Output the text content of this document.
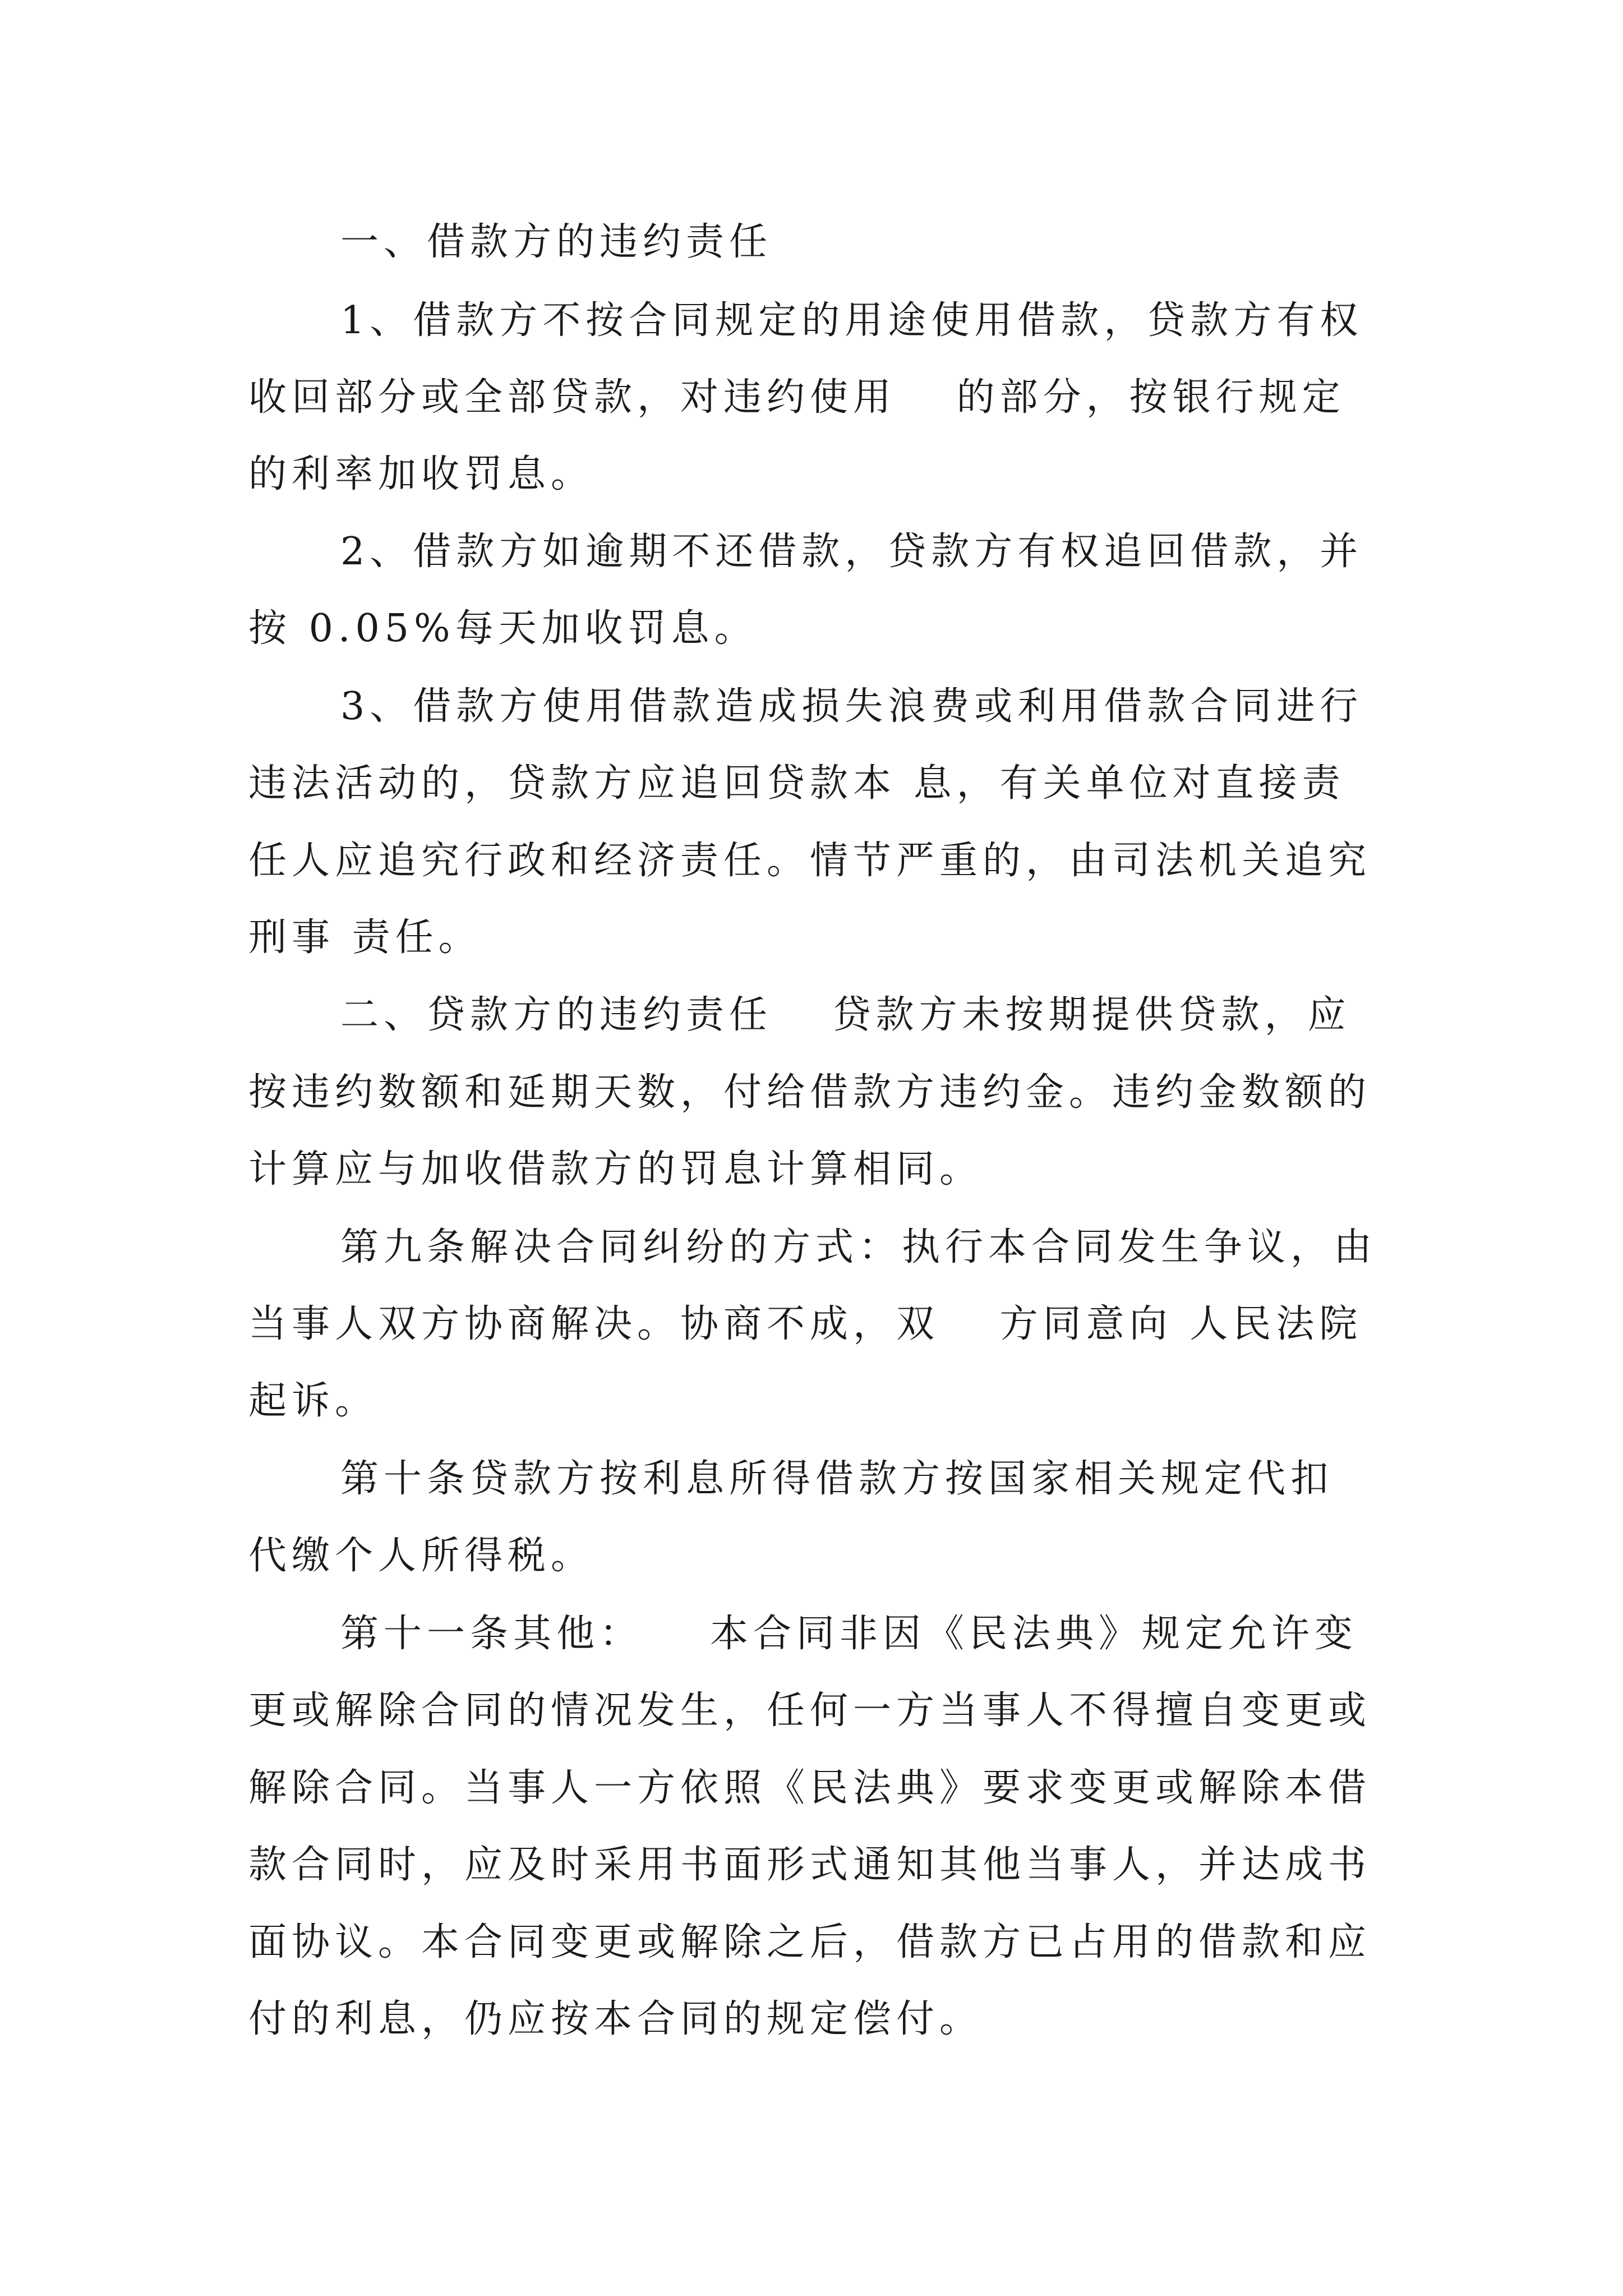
一、借款方的违约责任

1、借款方不按合同规定的用途使用借款，贷款方有权

收回部分或全部贷款，对违约使用　 的部分，按银行规定

的利率加收罚息。

2、借款方如逾期不还借款，贷款方有权追回借款，并

按 0.05%每天加收罚息。

3、借款方使用借款造成损失浪费或利用借款合同进行

违法活动的，贷款方应追回贷款本 息，有关单位对直接责

任人应追究行政和经济责任。情节严重的，由司法机关追究

刑事 责任。

二、贷款方的违约责任　 贷款方未按期提供贷款，应

按违约数额和延期天数，付给借款方违约金。违约金数额的

计算应与加收借款方的罚息计算相同。

第九条解决合同纠纷的方式：执行本合同发生争议，由

当事人双方协商解决。协商不成，双　 方同意向 人民法院

起诉。

第十条贷款方按利息所得借款方按国家相关规定代扣

代缴个人所得税。

第十一条其他：　　本合同非因《民法典》规定允许变

更或解除合同的情况发生，任何一方当事人不得擅自变更或

解除合同。当事人一方依照《民法典》要求变更或解除本借

款合同时，应及时采用书面形式通知其他当事人，并达成书

面协议。本合同变更或解除之后，借款方已占用的借款和应

付的利息，仍应按本合同的规定偿付。
